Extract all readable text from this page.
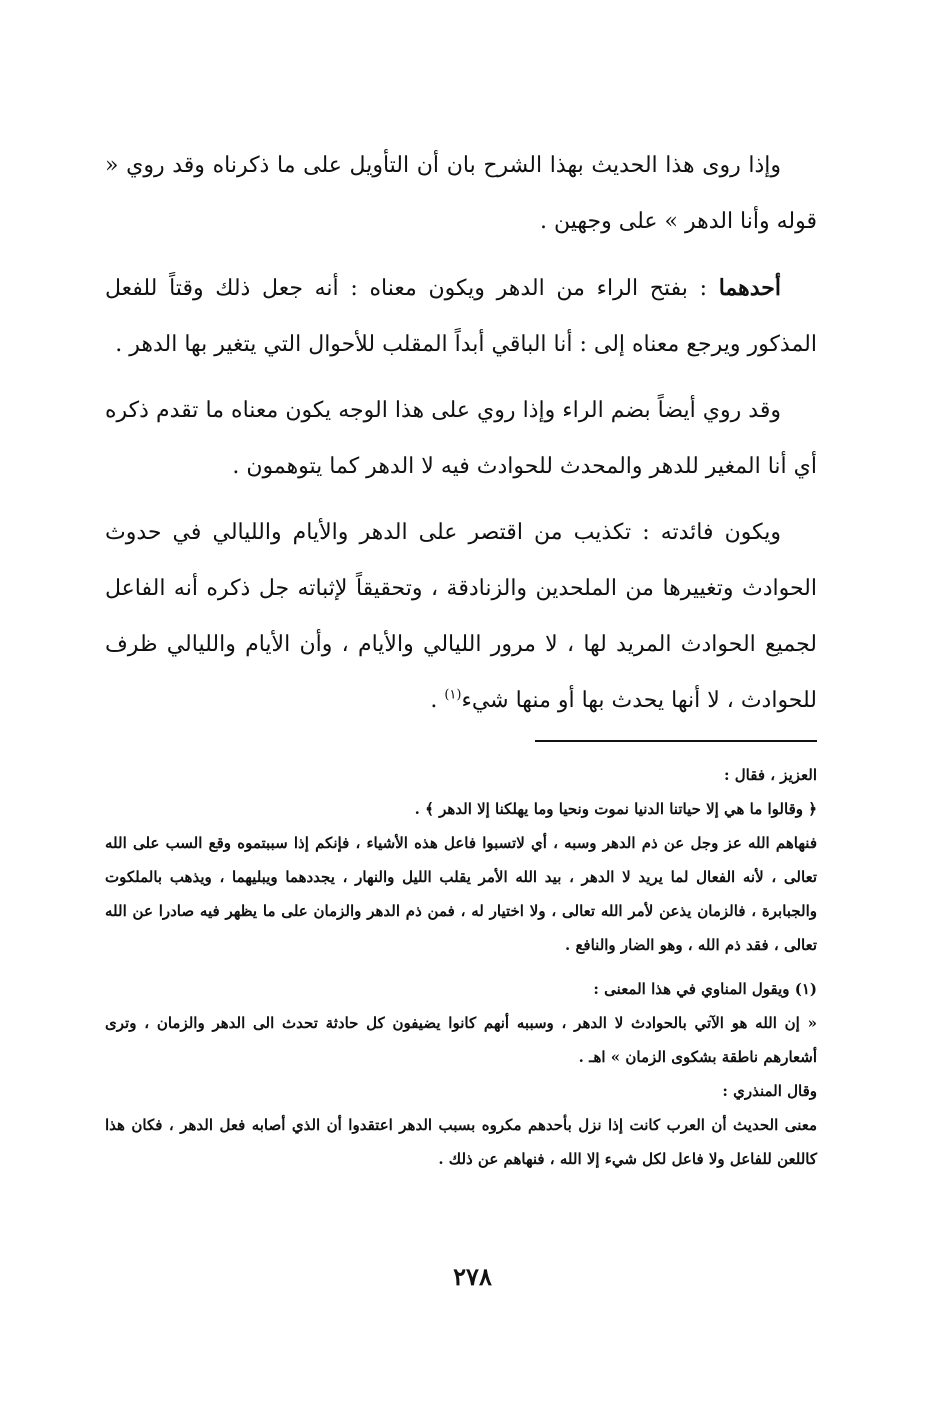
وإذا روى هذا الحديث بهذا الشرح بان أن التأويل على ما ذكرناه وقد روي « قوله وأنا الدهر » على وجهين .

أحدهما : بفتح الراء من الدهر ويكون معناه : أنه جعل ذلك وقتاً للفعل المذكور ويرجع معناه إلى : أنا الباقي أبداً المقلب للأحوال التي يتغير بها الدهر .

وقد روي أيضاً بضم الراء وإذا روي على هذا الوجه يكون معناه ما تقدم ذكره أي أنا المغير للدهر والمحدث للحوادث فيه لا الدهر كما يتوهمون .

ويكون فائدته : تكذيب من اقتصر على الدهر والأيام والليالي في حدوث الحوادث وتغييرها من الملحدين والزنادقة ، وتحقيقاً لإثباته جل ذكره أنه الفاعل لجميع الحوادث المريد لها ، لا مرور الليالي والأيام ، وأن الأيام والليالي ظرف للحوادث ، لا أنها يحدث بها أو منها شيء$^{(١)}$ .

العزيز ، فقال :

﴿ وقالوا ما هي إلا حياتنا الدنيا نموت ونحيا وما يهلكنا إلا الدهر ﴾ .

فنهاهم الله عز وجل عن ذم الدهر وسبه ، أي لاتسبوا فاعل هذه الأشياء ، فإنكم إذا سببتموه وقع السب على الله تعالى ، لأنه الفعال لما يريد لا الدهر ، بيد الله الأمر يقلب الليل والنهار ، يجددهما ويبليهما ، ويذهب بالملكوت والجبابرة ، فالزمان يذعن لأمر الله تعالى ، ولا اختيار له ، فمن ذم الدهر والزمان على ما يظهر فيه صادرا عن الله تعالى ، فقد ذم الله ، وهو الضار والنافع .

(١) ويقول المناوي في هذا المعنى :

« إن الله هو الآتي بالحوادث لا الدهر ، وسببه أنهم كانوا يضيفون كل حادثة تحدث الى الدهر والزمان ، وترى أشعارهم ناطقة بشكوى الزمان » اهـ .

وقال المنذري :

معنى الحديث أن العرب كانت إذا نزل بأحدهم مكروه بسبب الدهر اعتقدوا أن الذي أصابه فعل الدهر ، فكان هذا كاللعن للفاعل ولا فاعل لكل شيء إلا الله ، فنهاهم عن ذلك .

٢٧٨
